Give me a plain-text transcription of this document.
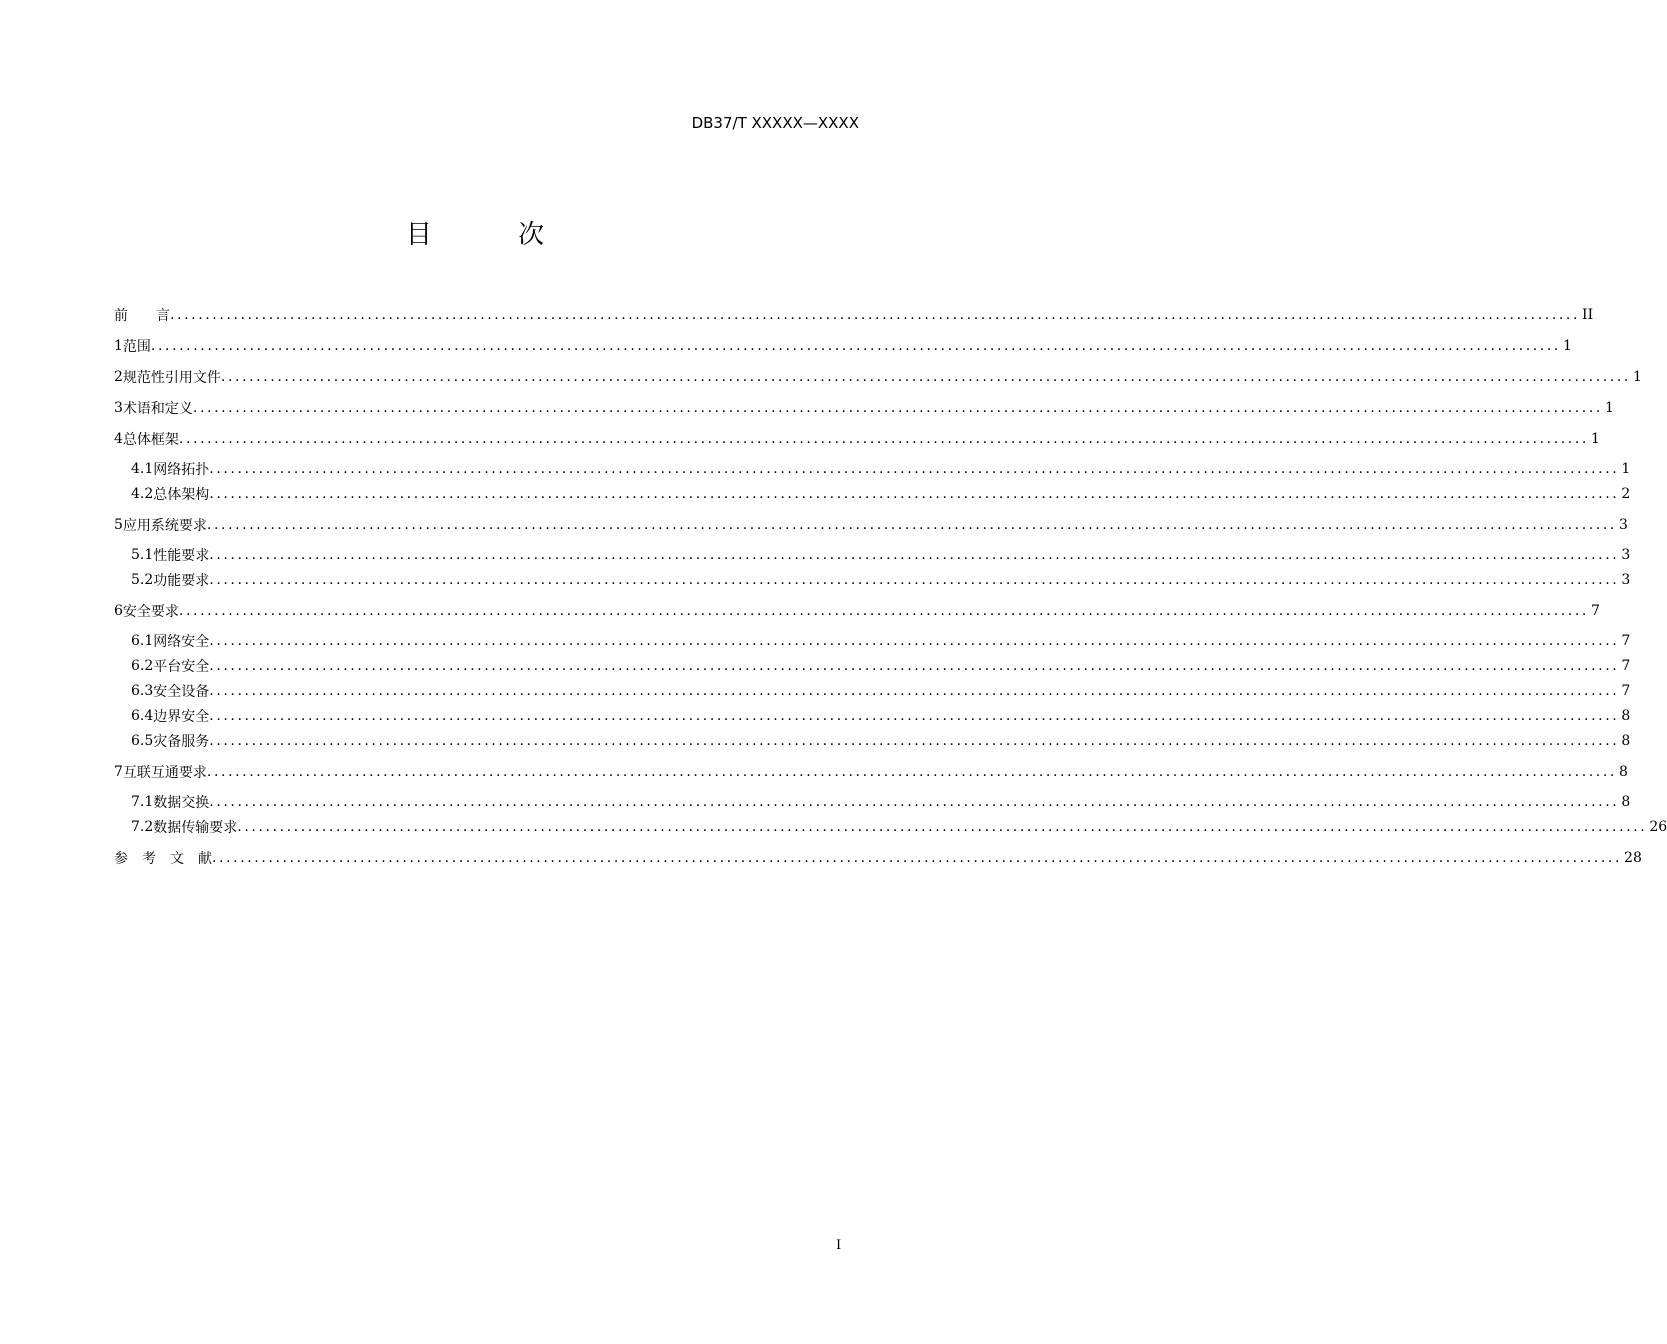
DB37/T XXXXX—XXXX
目 次
前　　言 ........................................................................................................................................................................................................ II
1 范围 ........................................................................................................................................................................................................ 1
2 规范性引用文件 ........................................................................................................................................................................................................ 1
3 术语和定义 ........................................................................................................................................................................................................ 1
4 总体框架 ........................................................................................................................................................................................................ 1
4.1 网络拓扑 ........................................................................................................................................................................................................ 1
4.2 总体架构 ........................................................................................................................................................................................................ 2
5 应用系统要求 ........................................................................................................................................................................................................ 3
5.1 性能要求 ........................................................................................................................................................................................................ 3
5.2 功能要求 ........................................................................................................................................................................................................ 3
6 安全要求 ........................................................................................................................................................................................................ 7
6.1 网络安全 ........................................................................................................................................................................................................ 7
6.2 平台安全 ........................................................................................................................................................................................................ 7
6.3 安全设备 ........................................................................................................................................................................................................ 7
6.4 边界安全 ........................................................................................................................................................................................................ 8
6.5 灾备服务 ........................................................................................................................................................................................................ 8
7 互联互通要求 ........................................................................................................................................................................................................ 8
7.1 数据交换 ........................................................................................................................................................................................................ 8
7.2 数据传输要求 ........................................................................................................................................................................................................ 26
参　考　文　献 ........................................................................................................................................................................................................ 28
I
